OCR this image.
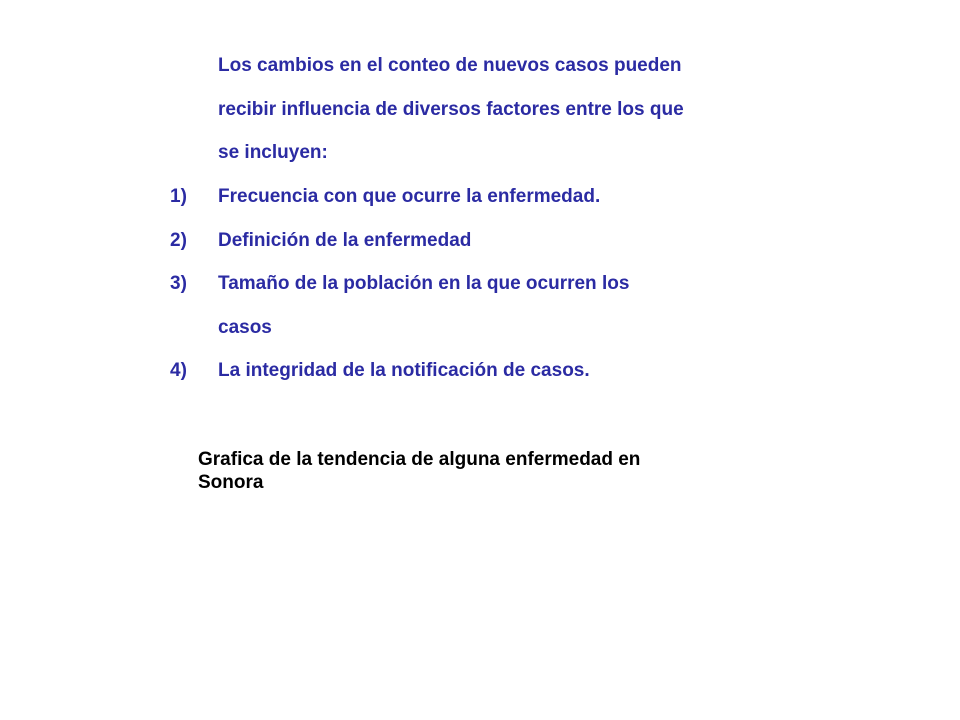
Los cambios en el conteo de nuevos casos pueden
recibir influencia de diversos factores entre los que
se incluyen:
1)	Frecuencia con que ocurre la enfermedad.
2)	Definición de la enfermedad
3)	Tamaño de la población en la que ocurren los
casos
4)	La integridad de la notificación de casos.
Grafica de la tendencia de alguna enfermedad en
Sonora
